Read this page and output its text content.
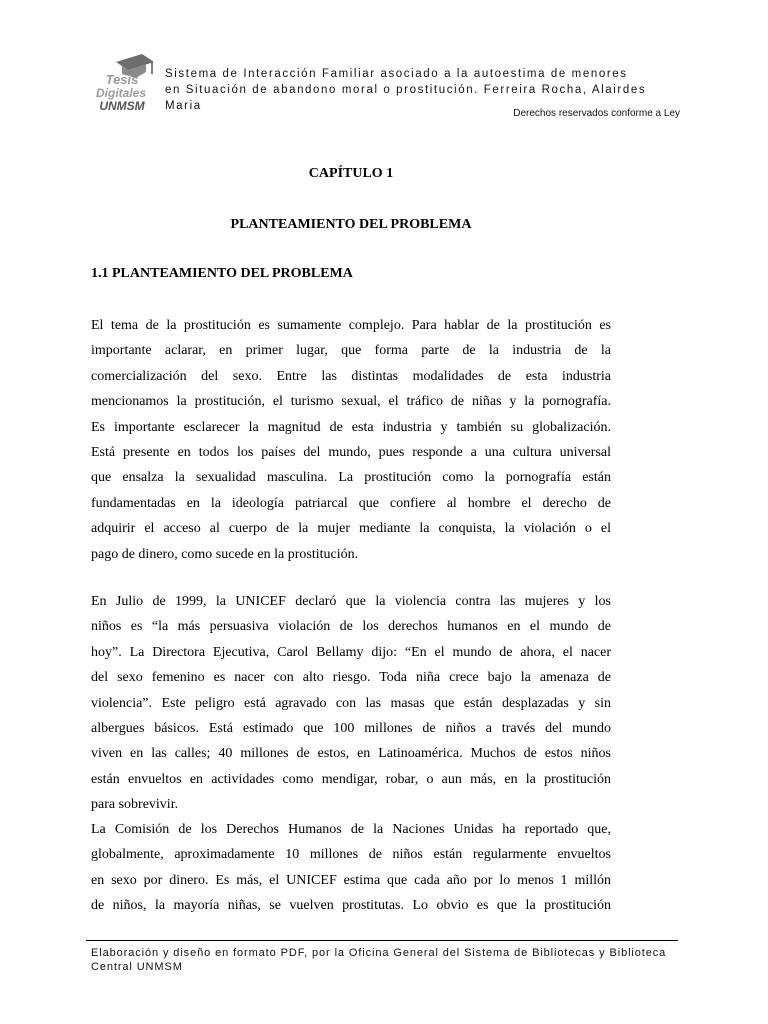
Tesis
Digitales
UNMSM
Sistema de Interacción Familiar asociado a la autoestima de menores
en Situación de abandono moral o prostitución. Ferreira Rocha, Alairdes
Maria
Derechos reservados conforme a Ley
CAPÍTULO 1
PLANTEAMIENTO DEL PROBLEMA
1.1 PLANTEAMIENTO DEL PROBLEMA
El tema de la prostitución es sumamente complejo. Para hablar de la prostitución es
importante aclarar, en primer lugar, que forma parte de la industria de la
comercialización del sexo. Entre las distintas modalidades de esta industria
mencionamos la prostitución, el turismo sexual, el tráfico de niñas y la pornografía.
Es importante esclarecer la magnitud de esta industria y también su globalización.
Está presente en todos los países del mundo, pues responde a una cultura universal
que ensalza la sexualidad masculina. La prostitución como la pornografía están
fundamentadas en la ideología patriarcal que confiere al hombre el derecho de
adquirir el acceso al cuerpo de la mujer mediante la conquista, la violación o el
pago de dinero, como sucede en la prostitución.
En Julio de 1999, la UNICEF declaró que la violencia contra las mujeres y los
niños es “la más persuasiva violación de los derechos humanos en el mundo de
hoy”. La Directora Ejecutiva, Carol Bellamy dijo: “En el mundo de ahora, el nacer
del sexo femenino es nacer con alto riesgo. Toda niña crece bajo la amenaza de
violencia”. Este peligro está agravado con las masas que están desplazadas y sin
albergues básicos. Está estimado que 100 millones de niños a través del mundo
viven en las calles; 40 millones de estos, en Latinoamérica. Muchos de estos niños
están envueltos en actividades como mendigar, robar, o aun más, en la prostitución
para sobrevivir.
La Comisión de los Derechos Humanos de la Naciones Unidas ha reportado que,
globalmente, aproximadamente 10 millones de niños están regularmente envueltos
en sexo por dinero. Es más, el UNICEF estima que cada año por lo menos 1 millón
de niños, la mayoría niñas, se vuelven prostitutas. Lo obvio es que la prostitución
Elaboración y diseño en formato PDF, por la Oficina General del Sistema de Bibliotecas y Biblioteca
Central UNMSM
